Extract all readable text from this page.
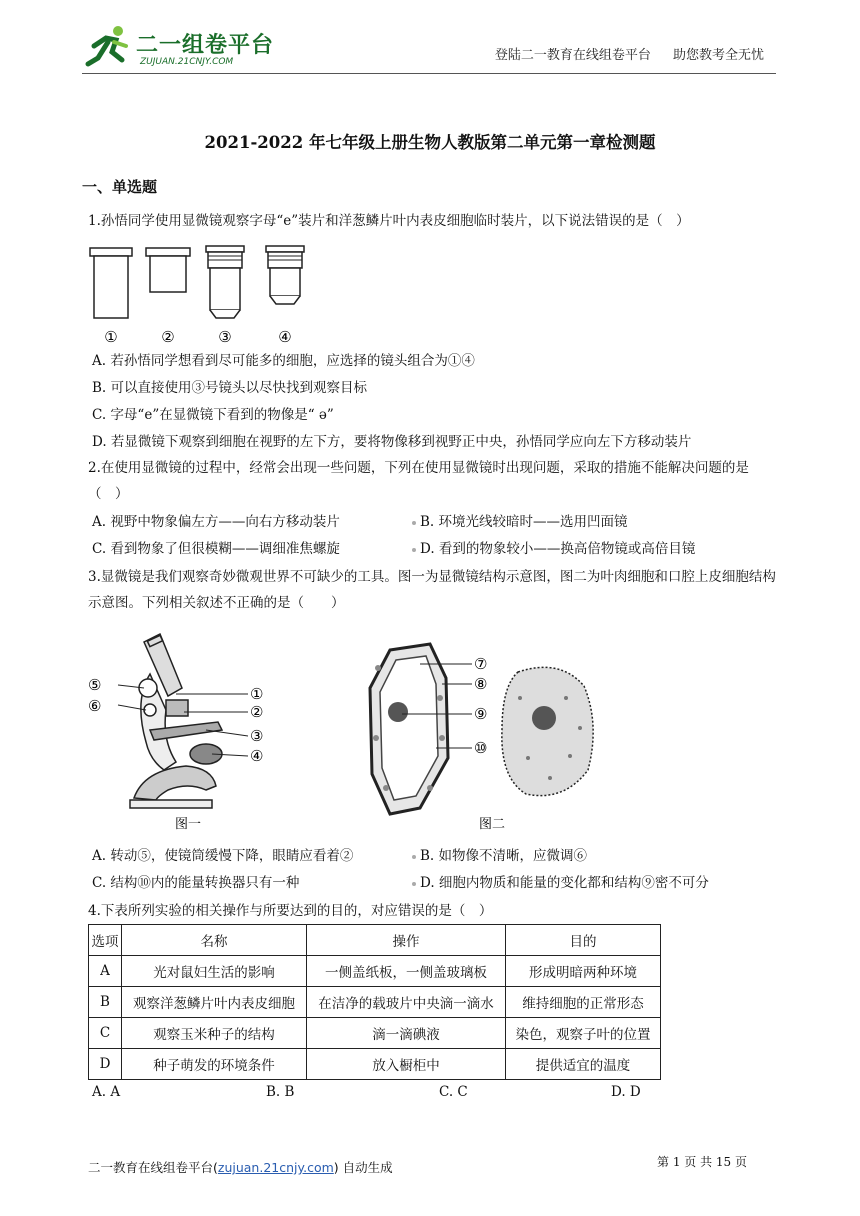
二一组卷平台
ZUJUAN.21CNJY.COM	登陆二一教育在线组卷平台 助您教考全无忧
2021-2022 年七年级上册生物人教版第二单元第一章检测题
一、单选题
1.孙悟同学使用显微镜观察字母“e”装片和洋葱鳞片叶内表皮细胞临时装片，以下说法错误的是（　）
①	②	③	④
A. 若孙悟同学想看到尽可能多的细胞，应选择的镜头组合为①④
B. 可以直接使用③号镜头以尽快找到观察目标
C. 字母“e”在显微镜下看到的物像是“ ə”
D. 若显微镜下观察到细胞在视野的左下方，要将物像移到视野正中央，孙悟同学应向左下方移动装片
2.在使用显微镜的过程中，经常会出现一些问题，下列在使用显微镜时出现问题，采取的措施不能解决问题的是（　）
A. 视野中物象偏左方——向右方移动装片	B. 环境光线较暗时——选用凹面镜
C. 看到物象了但很模糊——调细准焦螺旋	D. 看到的物象较小——换高倍物镜或高倍目镜
3.显微镜是我们观察奇妙微观世界不可缺少的工具。图一为显微镜结构示意图，图二为叶肉细胞和口腔上皮细胞结构示意图。下列相关叙述不正确的是（　　）
⑤
⑥
①
②
③
④
图一
⑦
⑧
⑨
⑩
图二
A. 转动⑤，使镜筒缓慢下降，眼睛应看着②	B. 如物像不清晰，应微调⑥
C. 结构⑩内的能量转换器只有一种	D. 细胞内物质和能量的变化都和结构⑨密不可分
4.下表所列实验的相关操作与所要达到的目的，对应错误的是（　）
选项	名称	操作	目的
A	光对鼠妇生活的影响	一侧盖纸板，一侧盖玻璃板	形成明暗两种环境
B	观察洋葱鳞片叶内表皮细胞	在洁净的载玻片中央滴一滴水	维持细胞的正常形态
C	观察玉米种子的结构	滴一滴碘液	染色，观察子叶的位置
D	种子萌发的环境条件	放入橱柜中	提供适宜的温度
A. A	B. B	C. C	D. D
二一教育在线组卷平台(zujuan.21cnjy.com) 自动生成	第 1 页 共 15 页
